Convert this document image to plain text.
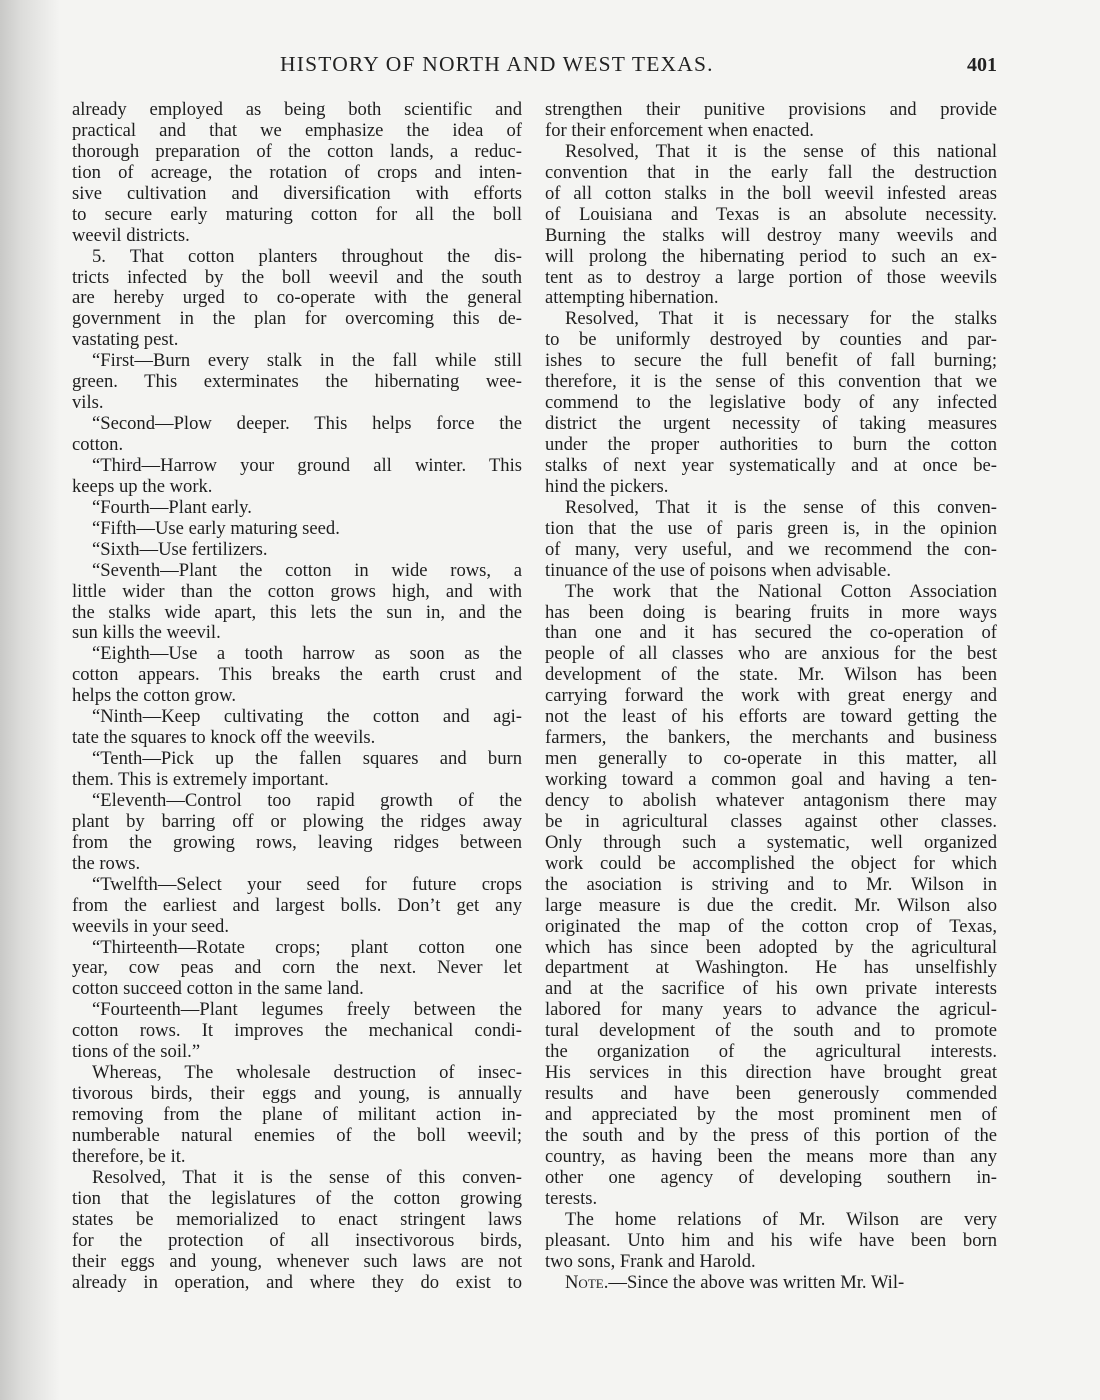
HISTORY OF NORTH AND WEST TEXAS.	401
already employed as being both scientific and
practical and that we emphasize the idea of
thorough preparation of the cotton lands, a reduc-
tion of acreage, the rotation of crops and inten-
sive cultivation and diversification with efforts
to secure early maturing cotton for all the boll
weevil districts.
5. That cotton planters throughout the dis-
tricts infected by the boll weevil and the south
are hereby urged to co-operate with the general
government in the plan for overcoming this de-
vastating pest.
“First—Burn every stalk in the fall while still
green. This exterminates the hibernating wee-
vils.
“Second—Plow deeper. This helps force the
cotton.
“Third—Harrow your ground all winter. This
keeps up the work.
“Fourth—Plant early.
“Fifth—Use early maturing seed.
“Sixth—Use fertilizers.
“Seventh—Plant the cotton in wide rows, a
little wider than the cotton grows high, and with
the stalks wide apart, this lets the sun in, and the
sun kills the weevil.
“Eighth—Use a tooth harrow as soon as the
cotton appears. This breaks the earth crust and
helps the cotton grow.
“Ninth—Keep cultivating the cotton and agi-
tate the squares to knock off the weevils.
“Tenth—Pick up the fallen squares and burn
them. This is extremely important.
“Eleventh—Control too rapid growth of the
plant by barring off or plowing the ridges away
from the growing rows, leaving ridges between
the rows.
“Twelfth—Select your seed for future crops
from the earliest and largest bolls. Don’t get any
weevils in your seed.
“Thirteenth—Rotate crops; plant cotton one
year, cow peas and corn the next. Never let
cotton succeed cotton in the same land.
“Fourteenth—Plant legumes freely between the
cotton rows. It improves the mechanical condi-
tions of the soil.”
Whereas, The wholesale destruction of insec-
tivorous birds, their eggs and young, is annually
removing from the plane of militant action in-
numberable natural enemies of the boll weevil;
therefore, be it.
Resolved, That it is the sense of this conven-
tion that the legislatures of the cotton growing
states be memorialized to enact stringent laws
for the protection of all insectivorous birds,
their eggs and young, whenever such laws are not
already in operation, and where they do exist to
strengthen their punitive provisions and provide
for their enforcement when enacted.
Resolved, That it is the sense of this national
convention that in the early fall the destruction
of all cotton stalks in the boll weevil infested areas
of Louisiana and Texas is an absolute necessity.
Burning the stalks will destroy many weevils and
will prolong the hibernating period to such an ex-
tent as to destroy a large portion of those weevils
attempting hibernation.
Resolved, That it is necessary for the stalks
to be uniformly destroyed by counties and par-
ishes to secure the full benefit of fall burning;
therefore, it is the sense of this convention that we
commend to the legislative body of any infected
district the urgent necessity of taking measures
under the proper authorities to burn the cotton
stalks of next year systematically and at once be-
hind the pickers.
Resolved, That it is the sense of this conven-
tion that the use of paris green is, in the opinion
of many, very useful, and we recommend the con-
tinuance of the use of poisons when advisable.
The work that the National Cotton Association
has been doing is bearing fruits in more ways
than one and it has secured the co-operation of
people of all classes who are anxious for the best
development of the state. Mr. Wilson has been
carrying forward the work with great energy and
not the least of his efforts are toward getting the
farmers, the bankers, the merchants and business
men generally to co-operate in this matter, all
working toward a common goal and having a ten-
dency to abolish whatever antagonism there may
be in agricultural classes against other classes.
Only through such a systematic, well organized
work could be accomplished the object for which
the asociation is striving and to Mr. Wilson in
large measure is due the credit. Mr. Wilson also
originated the map of the cotton crop of Texas,
which has since been adopted by the agricultural
department at Washington. He has unselfishly
and at the sacrifice of his own private interests
labored for many years to advance the agricul-
tural development of the south and to promote
the organization of the agricultural interests.
His services in this direction have brought great
results and have been generously commended
and appreciated by the most prominent men of
the south and by the press of this portion of the
country, as having been the means more than any
other one agency of developing southern in-
terests.
The home relations of Mr. Wilson are very
pleasant. Unto him and his wife have been born
two sons, Frank and Harold.
Note.—Since the above was written Mr. Wil-
